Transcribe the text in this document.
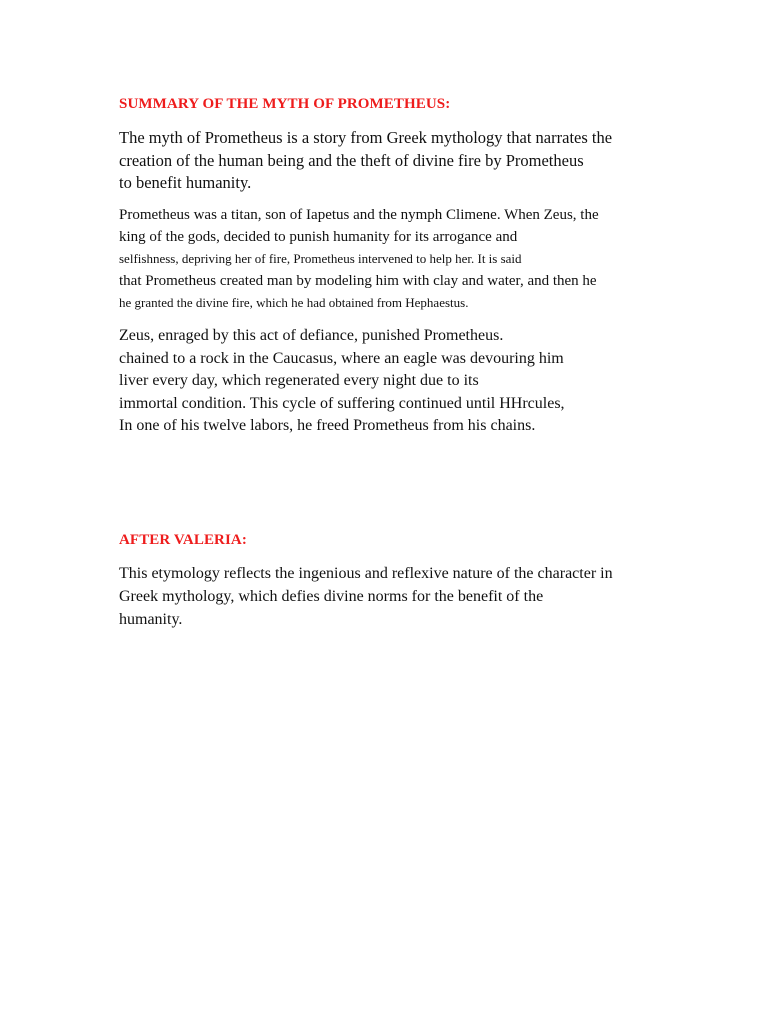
SUMMARY OF THE MYTH OF PROMETHEUS:
The myth of Prometheus is a story from Greek mythology that narrates the
creation of the human being and the theft of divine fire by Prometheus
to benefit humanity.
Prometheus was a titan, son of Iapetus and the nymph Climene. When Zeus, the
king of the gods, decided to punish humanity for its arrogance and
selfishness, depriving her of fire, Prometheus intervened to help her. It is said
that Prometheus created man by modeling him with clay and water, and then he
he granted the divine fire, which he had obtained from Hephaestus.
Zeus, enraged by this act of defiance, punished Prometheus.
chained to a rock in the Caucasus, where an eagle was devouring him
liver every day, which regenerated every night due to its
immortal condition. This cycle of suffering continued until HHrcules,
In one of his twelve labors, he freed Prometheus from his chains.
AFTER VALERIA:
This etymology reflects the ingenious and reflexive nature of the character in
Greek mythology, which defies divine norms for the benefit of the
humanity.
